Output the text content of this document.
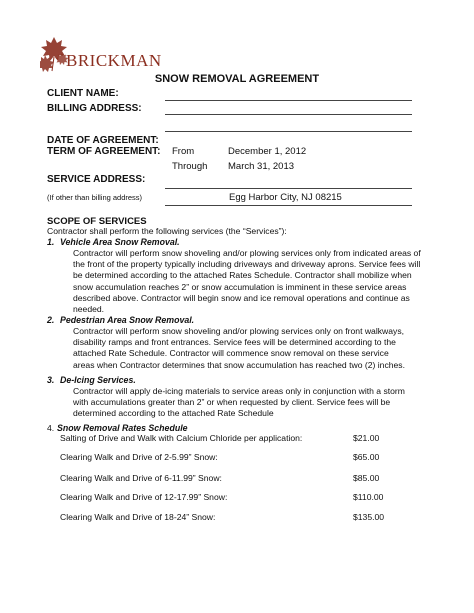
BRICKMAN
SNOW REMOVAL AGREEMENT
CLIENT NAME:
BILLING ADDRESS:
DATE OF AGREEMENT:
TERM OF AGREEMENT: From	December 1, 2012
Through March 31, 2013
SERVICE ADDRESS:
(If other than billing address)	Egg Harbor City, NJ 08215
SCOPE OF SERVICES
Contractor shall perform the following services (the “Services”):
1. Vehicle Area Snow Removal.
Contractor will perform snow shoveling and/or plowing services only from indicated areas of
the front of the property typically including driveways and driveway aprons. Service fees will
be determined according to the attached Rates Schedule. Contractor shall mobilize when
snow accumulation reaches 2” or snow accumulation is imminent in these service areas
described above. Contractor will begin snow and ice removal operations and continue as
needed.
2. Pedestrian Area Snow Removal.
Contractor will perform snow shoveling and/or plowing services only on front walkways,
disability ramps and front entrances. Service fees will be determined according to the
attached Rate Schedule. Contractor will commence snow removal on these service
areas when Contractor determines that snow accumulation has reached two (2) inches.
3. De-Icing Services.
Contractor will apply de-icing materials to service areas only in conjunction with a storm
with accumulations greater than 2” or when requested by client. Service fees will be
determined according to the attached Rate Schedule
4. Snow Removal Rates Schedule
Salting of Drive and Walk with Calcium Chloride per application:	$21.00
Clearing Walk and Drive of 2-5.99” Snow:	$65.00
Clearing Walk and Drive of 6-11.99” Snow:	$85.00
Clearing Walk and Drive of 12-17.99” Snow:	$110.00
Clearing Walk and Drive of 18-24” Snow:	$135.00
